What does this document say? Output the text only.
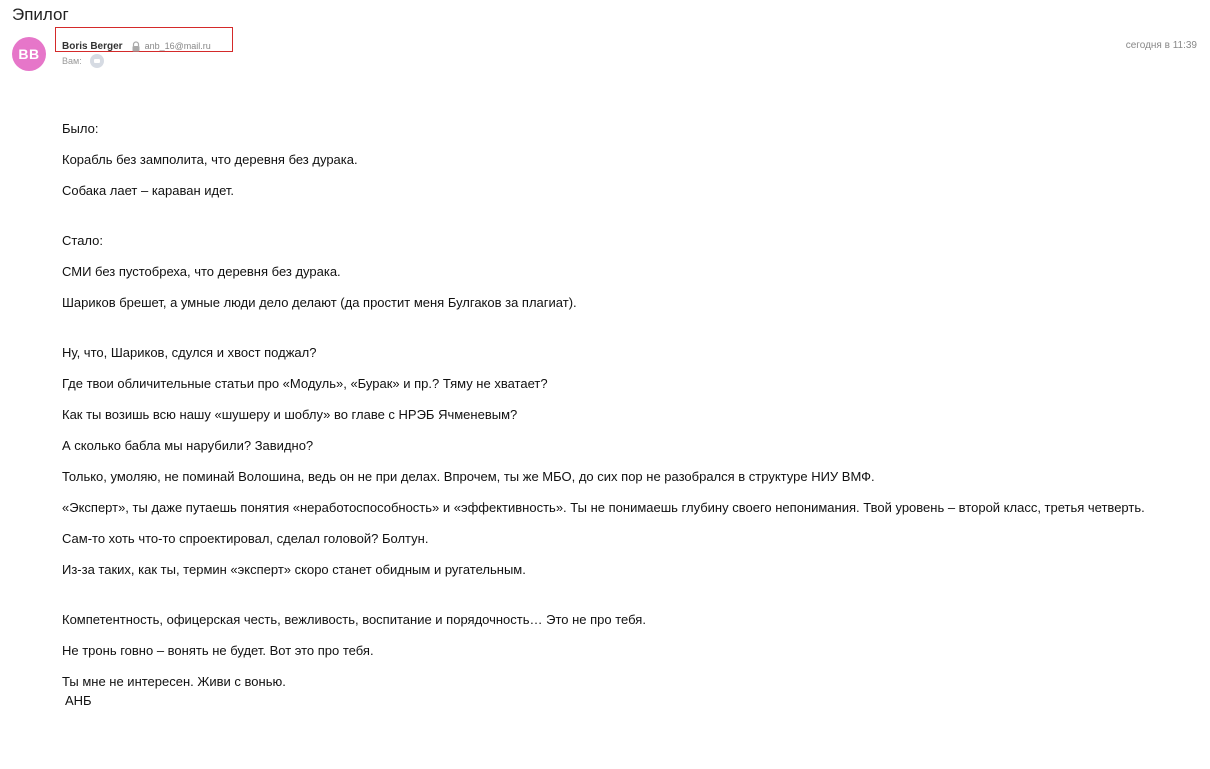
Эпилог
BB	Boris Berger anb_16@mail.ru
Вам:
сегодня в 11:39

Было:

Корабль без замполита, что деревня без дурака.

Собака лает – караван идет.

Стало:

СМИ без пустобреха, что деревня без дурака.

Шариков брешет, а умные люди дело делают (да простит меня Булгаков за плагиат).

Ну, что, Шариков, сдулся и хвост поджал?

Где твои обличительные статьи про «Модуль», «Бурак» и пр.? Тяму не хватает?

Как ты возишь всю нашу «шушеру и шоблу» во главе с НРЭБ Ячменевым?

А сколько бабла мы нарубили? Завидно?

Только, умоляю, не поминай Волошина, ведь он не при делах. Впрочем, ты же МБО, до сих пор не разобрался в структуре НИУ ВМФ.

«Эксперт», ты даже путаешь понятия «неработоспособность» и «эффективность». Ты не понимаешь глубину своего непонимания. Твой уровень – второй класс, третья четверть.

Сам-то хоть что-то спроектировал, сделал головой? Болтун.

Из-за таких, как ты, термин «эксперт» скоро станет обидным и ругательным.

Компетентность, офицерская честь, вежливость, воспитание и порядочность… Это не про тебя.

Не тронь говно – вонять не будет. Вот это про тебя.

Ты мне не интересен. Живи с вонью.

АНБ
